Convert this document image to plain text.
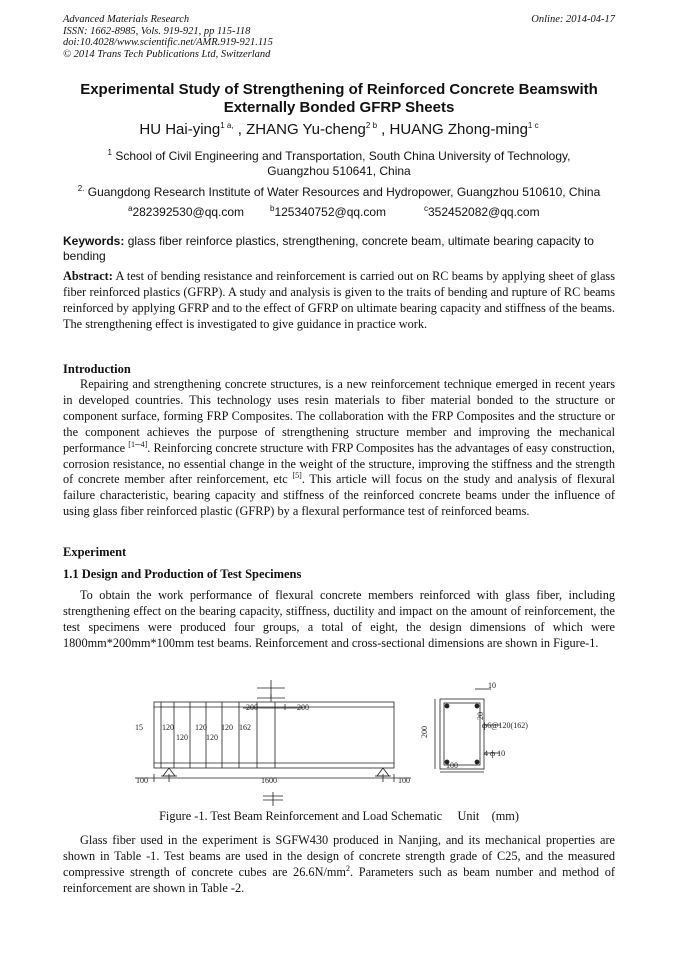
Advanced Materials Research
ISSN: 1662-8985, Vols. 919-921, pp 115-118
doi:10.4028/www.scientific.net/AMR.919-921.115
© 2014 Trans Tech Publications Ltd, Switzerland
Online: 2014-04-17
Experimental Study of Strengthening of Reinforced Concrete Beamswith
Externally Bonded GFRP Sheets
HU Hai-ying$^{1 a,}$ , ZHANG Yu-cheng$^{2 b}$ , HUANG Zhong-ming$^{1 c}$
$^1$ School of Civil Engineering and Transportation, South China University of Technology,
Guangzhou 510641, China
$^{2.}$ Guangdong Research Institute of Water Resources and Hydropower, Guangzhou 510610, China
$^a$282392530@qq.com	$^b$125340752@qq.com	$^c$352452082@qq.com
Keywords: glass fiber reinforce plastics, strengthening, concrete beam, ultimate bearing capacity to bending
Abstract: A test of bending resistance and reinforcement is carried out on RC beams by applying sheet of glass fiber reinforced plastics (GFRP). A study and analysis is given to the traits of bending and rupture of RC beams reinforced by applying GFRP and to the effect of GFRP on ultimate bearing capacity and stiffness of the beams. The strengthening effect is investigated to give guidance in practice work.
Introduction
Repairing and strengthening concrete structures, is a new reinforcement technique emerged in recent years in developed countries. This technology uses resin materials to fiber material bonded to the structure or component surface, forming FRP Composites. The collaboration with the FRP Composites and the structure or the component achieves the purpose of strengthening structure member and improving the mechanical performance [1─4]. Reinforcing concrete structure with FRP Composites has the advantages of easy construction, corrosion resistance, no essential change in the weight of the structure, improving the stiffness and the strength of concrete member after reinforcement, etc [5]. This article will focus on the study and analysis of flexural failure characteristic, bearing capacity and stiffness of the reinforced concrete beams under the influence of using glass fiber reinforced plastic (GFRP) by a flexural performance test of reinforced beams.
Experiment
1.1 Design and Production of Test Specimens
To obtain the work performance of flexural concrete members reinforced with glass fiber, including strengthening effect on the bearing capacity, stiffness, ductility and impact on the amount of reinforcement, the test specimens were produced four groups, a total of eight, the design dimensions of which were 1800mm*200mm*100mm test beams. Reinforcement and cross-sectional dimensions are shown in Figure-1.
200	200
15 120	120
120 120
120 162
100	1600	100
10
20
200
ф6@120(162)
4 ф 10
100
Figure -1. Test Beam Reinforcement and Load Schematic     Unit    (mm)
Glass fiber used in the experiment is SGFW430 produced in Nanjing, and its mechanical properties are shown in Table -1. Test beams are used in the design of concrete strength grade of C25, and the measured compressive strength of concrete cubes are $26.6N/mm^2$. Parameters such as beam number and method of reinforcement are shown in Table -2.
